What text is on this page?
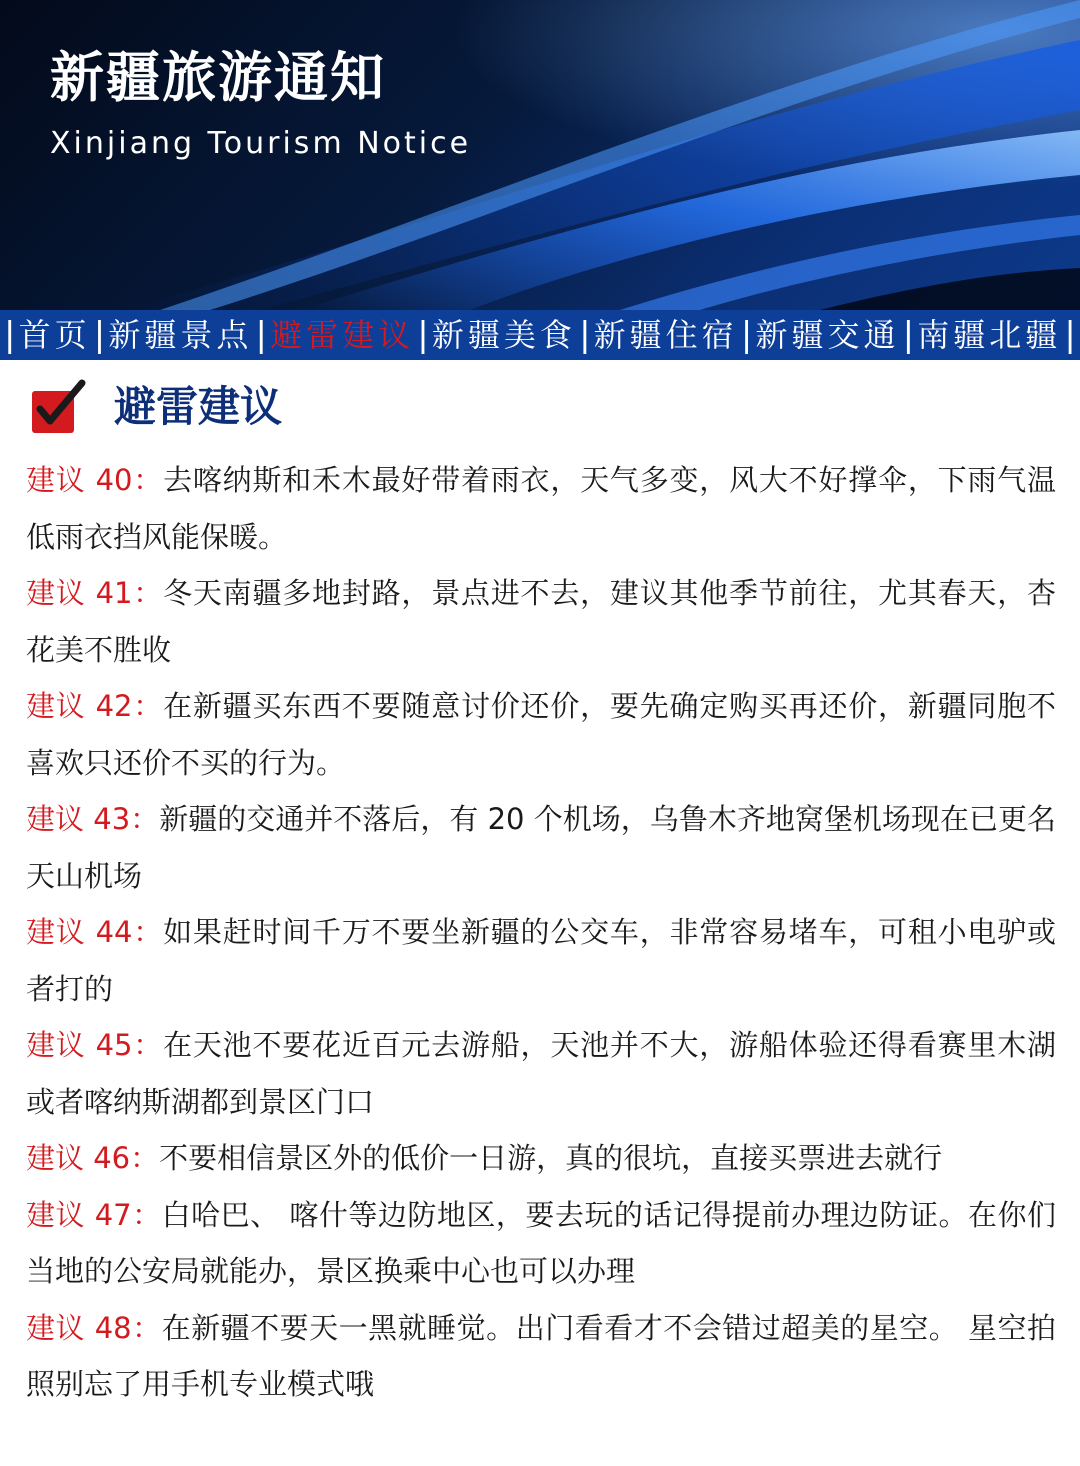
新疆旅游通知

Xinjiang Tourism Notice

| 首页 | 新疆景点 | 避雷建议 | 新疆美食 | 新疆住宿 | 新疆交通 | 南疆北疆 |
避雷建议
建议 40：去喀纳斯和禾木最好带着雨衣，天气多变，风大不好撑伞，下雨气温低雨衣挡风能保暖。
建议 41：冬天南疆多地封路，景点进不去，建议其他季节前往，尤其春天，杏花美不胜收
建议 42：在新疆买东西不要随意讨价还价，要先确定购买再还价，新疆同胞不喜欢只还价不买的行为。
建议 43：新疆的交通并不落后，有 20 个机场，乌鲁木齐地窝堡机场现在已更名天山机场
建议 44：如果赶时间千万不要坐新疆的公交车，非常容易堵车，可租小电驴或者打的
建议 45：在天池不要花近百元去游船，天池并不大，游船体验还得看赛里木湖或者喀纳斯湖都到景区门口
建议 46：不要相信景区外的低价一日游，真的很坑，直接买票进去就行
建议 47：白哈巴、 喀什等边防地区，要去玩的话记得提前办理边防证。在你们当地的公安局就能办，景区换乘中心也可以办理
建议 48：在新疆不要天一黑就睡觉。出门看看才不会错过超美的星空。 星空拍照别忘了用手机专业模式哦
